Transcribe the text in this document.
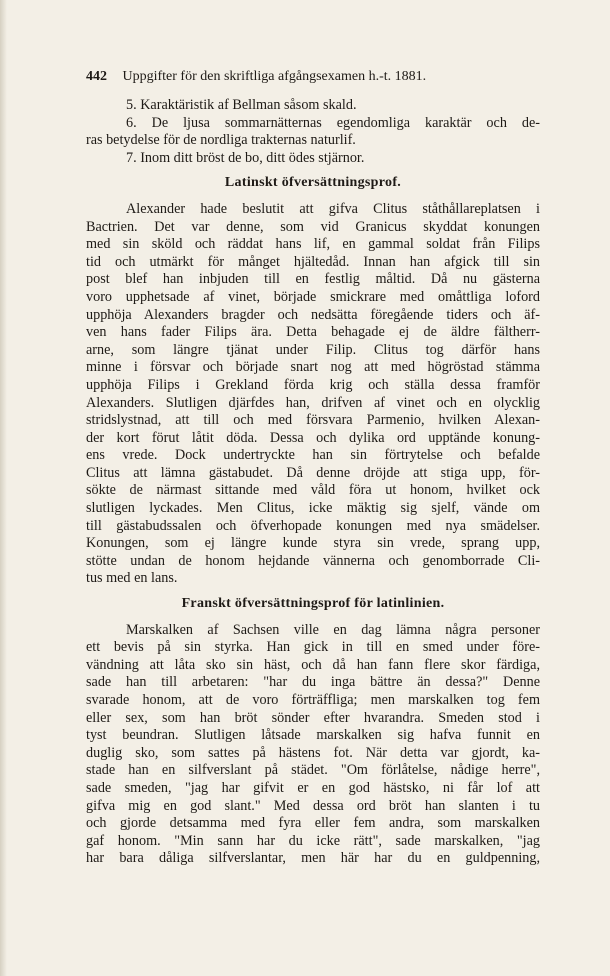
442 Uppgifter för den skriftliga afgångsexamen h.-t. 1881.
5. Karaktäristik af Bellman såsom skald.
6. De ljusa sommarnätternas egendomliga karaktär och de-
ras betydelse för de nordliga trakternas naturlif.
7. Inom ditt bröst de bo, ditt ödes stjärnor.
Latinskt öfversättningsprof.
Alexander hade beslutit att gifva Clitus ståthållareplatsen i
Bactrien. Det var denne, som vid Granicus skyddat konungen
med sin sköld och räddat hans lif, en gammal soldat från Filips
tid och utmärkt för månget hjältedåd. Innan han afgick till sin
post blef han inbjuden till en festlig måltid. Då nu gästerna
voro upphetsade af vinet, började smickrare med omåttliga loford
upphöja Alexanders bragder och nedsätta föregående tiders och äf-
ven hans fader Filips ära. Detta behagade ej de äldre fältherr-
arne, som längre tjänat under Filip. Clitus tog därför hans
minne i försvar och började snart nog att med högröstad stämma
upphöja Filips i Grekland förda krig och ställa dessa framför
Alexanders. Slutligen djärfdes han, drifven af vinet och en olycklig
stridslystnad, att till och med försvara Parmenio, hvilken Alexan-
der kort förut låtit döda. Dessa och dylika ord upptände konung-
ens vrede. Dock undertryckte han sin förtrytelse och befalde
Clitus att lämna gästabudet. Då denne dröjde att stiga upp, för-
sökte de närmast sittande med våld föra ut honom, hvilket ock
slutligen lyckades. Men Clitus, icke mäktig sig sjelf, vände om
till gästabudssalen och öfverhopade konungen med nya smädelser.
Konungen, som ej längre kunde styra sin vrede, sprang upp,
stötte undan de honom hejdande vännerna och genomborrade Cli-
tus med en lans.
Franskt öfversättningsprof för latinlinien.
Marskalken af Sachsen ville en dag lämna några personer
ett bevis på sin styrka. Han gick in till en smed under före-
vändning att låta sko sin häst, och då han fann flere skor färdiga,
sade han till arbetaren: "har du inga bättre än dessa?" Denne
svarade honom, att de voro förträffliga; men marskalken tog fem
eller sex, som han bröt sönder efter hvarandra. Smeden stod i
tyst beundran. Slutligen låtsade marskalken sig hafva funnit en
duglig sko, som sattes på hästens fot. När detta var gjordt, ka-
stade han en silfverslant på städet. "Om förlåtelse, nådige herre",
sade smeden, "jag har gifvit er en god hästsko, ni får lof att
gifva mig en god slant." Med dessa ord bröt han slanten i tu
och gjorde detsamma med fyra eller fem andra, som marskalken
gaf honom. "Min sann har du icke rätt", sade marskalken, "jag
har bara dåliga silfverslantar, men här har du en guldpenning,
